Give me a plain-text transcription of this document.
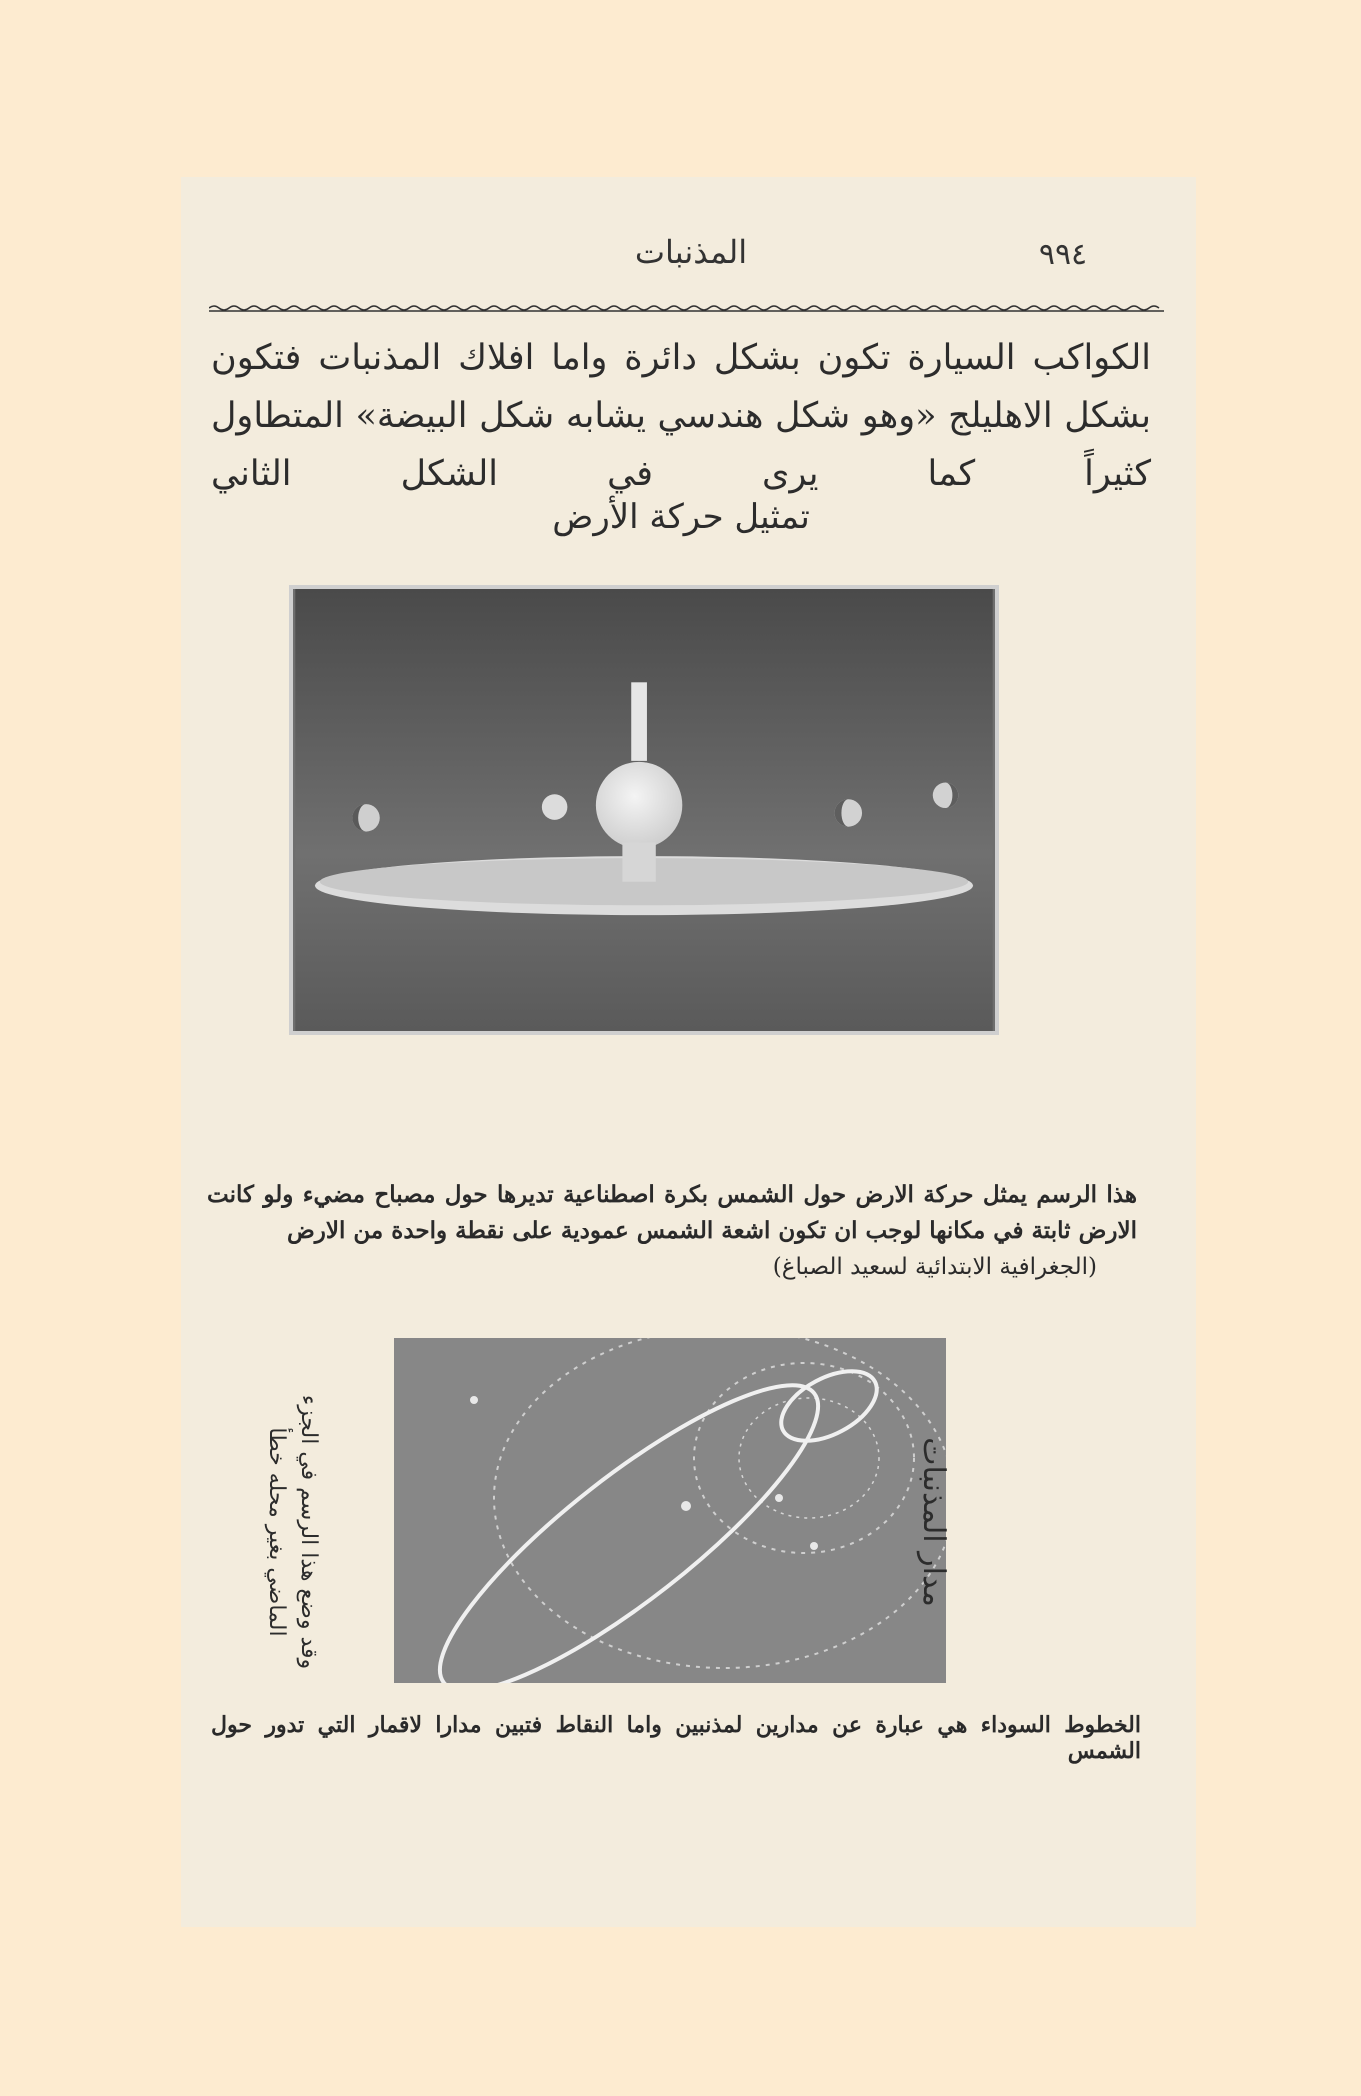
المذنبات	٩٩٤
الكواكب السيارة تكون بشكل دائرة واما افلاك المذنبات فتكون بشكل الاهليلج «وهو شكل هندسي يشابه شكل البيضة» المتطاول كثيراً كما يرى في الشكل الثاني
تمثيل حركة الأرض
هذا الرسم يمثل حركة الارض حول الشمس بكرة اصطناعية تديرها حول مصباح مضيء ولو كانت الارض ثابتة في مكانها لوجب ان تكون اشعة الشمس عمودية على نقطة واحدة من الارض
(الجغرافية الابتدائية لسعيد الصباغ)
مدار المذنبات
وقد وضع هذا الرسم في الجزء الماضي بغير محله خطأ
الخطوط السوداء هي عبارة عن مدارين لمذنبين واما النقاط فتبين مدارا لاقمار التي تدور حول الشمس
